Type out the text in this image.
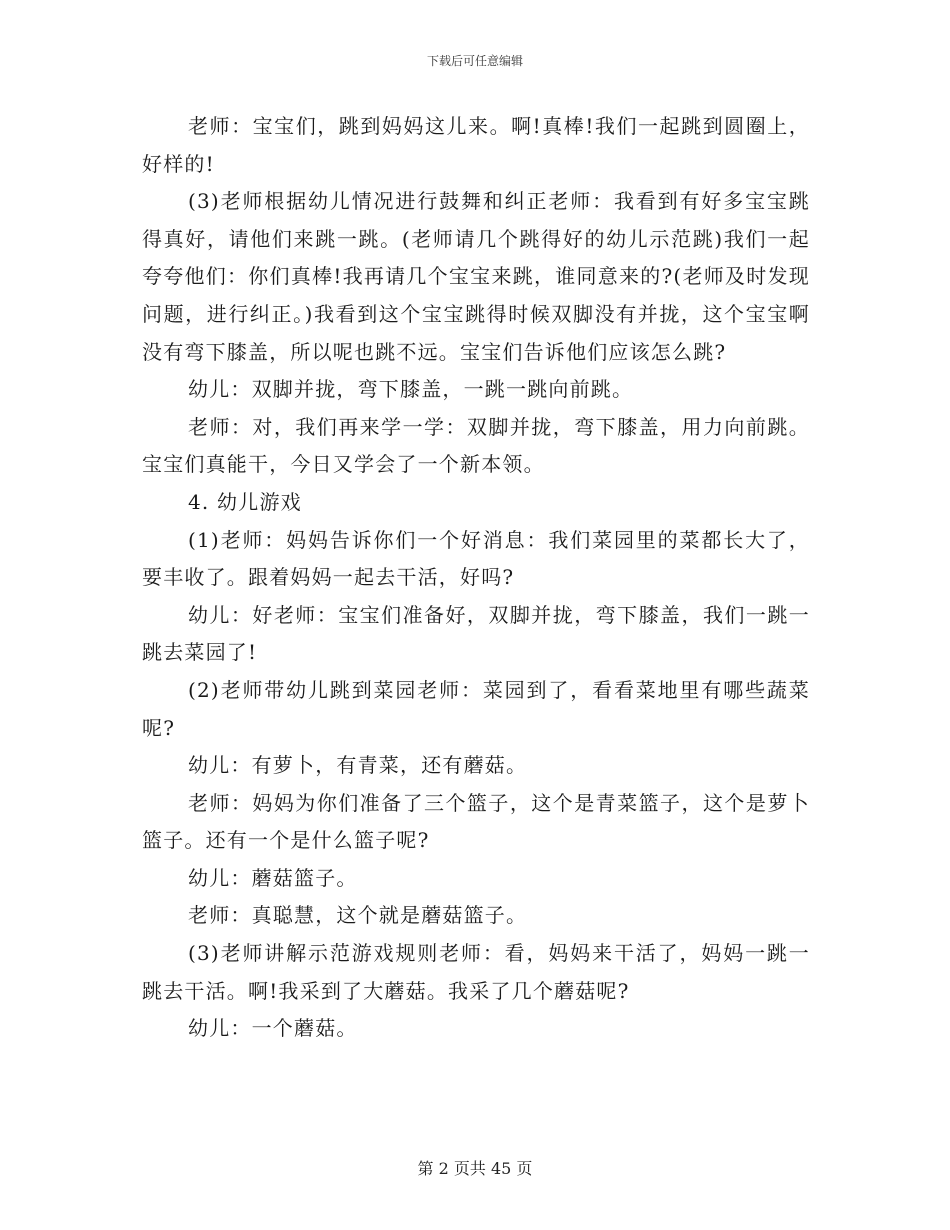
下载后可任意编辑

老师：宝宝们，跳到妈妈这儿来。啊!真棒!我们一起跳到圆圈上，好样的!

(3)老师根据幼儿情况进行鼓舞和纠正老师：我看到有好多宝宝跳得真好，请他们来跳一跳。(老师请几个跳得好的幼儿示范跳)我们一起夸夸他们：你们真棒!我再请几个宝宝来跳，谁同意来的?(老师及时发现问题，进行纠正。)我看到这个宝宝跳得时候双脚没有并拢，这个宝宝啊没有弯下膝盖，所以呢也跳不远。宝宝们告诉他们应该怎么跳?

幼儿：双脚并拢，弯下膝盖，一跳一跳向前跳。

老师：对，我们再来学一学：双脚并拢，弯下膝盖，用力向前跳。宝宝们真能干，今日又学会了一个新本领。

4. 幼儿游戏

(1)老师：妈妈告诉你们一个好消息：我们菜园里的菜都长大了，要丰收了。跟着妈妈一起去干活，好吗?

幼儿：好老师：宝宝们准备好，双脚并拢，弯下膝盖，我们一跳一跳去菜园了!

(2)老师带幼儿跳到菜园老师：菜园到了，看看菜地里有哪些蔬菜呢?

幼儿：有萝卜，有青菜，还有蘑菇。

老师：妈妈为你们准备了三个篮子，这个是青菜篮子，这个是萝卜篮子。还有一个是什么篮子呢?

幼儿：蘑菇篮子。

老师：真聪慧，这个就是蘑菇篮子。

(3)老师讲解示范游戏规则老师：看，妈妈来干活了，妈妈一跳一跳去干活。啊!我采到了大蘑菇。我采了几个蘑菇呢?

幼儿：一个蘑菇。

第 2 页共 45 页
